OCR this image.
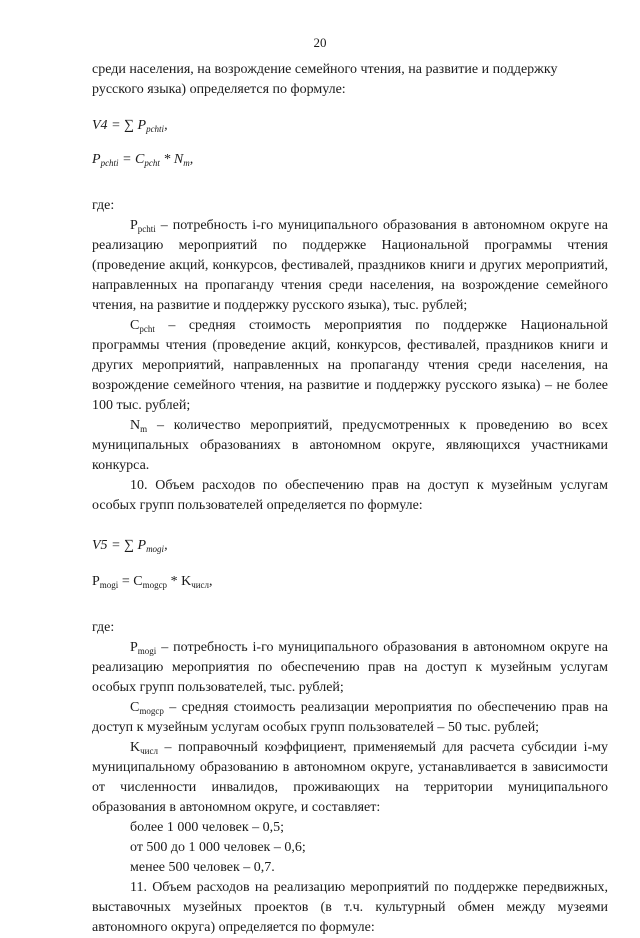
20

среди населения, на возрождение семейного чтения, на развитие и поддержку

русского языка) определяется по формуле:

V4 = ∑ $P_{pchti}$,

$P_{pchti} = C_{pcht} * N_m$,

где:

$P_{pchti}$ – потребность i-го муниципального образования в автономном округе на реализацию мероприятий по поддержке Национальной программы чтения (проведение акций, конкурсов, фестивалей, праздников книги и других мероприятий, направленных на пропаганду чтения среди населения, на возрождение семейного чтения, на развитие и поддержку русского языка), тыс. рублей;

$C_{pcht}$ – средняя стоимость мероприятия по поддержке Национальной программы чтения (проведение акций, конкурсов, фестивалей, праздников книги и других мероприятий, направленных на пропаганду чтения среди населения, на возрождение семейного чтения, на развитие и поддержку русского языка) – не более 100 тыс. рублей;

$N_m$ – количество мероприятий, предусмотренных к проведению во всех муниципальных образованиях в автономном округе, являющихся участниками конкурса.

10. Объем расходов по обеспечению прав на доступ к музейным услугам особых групп пользователей определяется по формуле:

V5 = ∑ $P_{mogi}$,

$P_{mogi} = C_{mogср} * K_{числ}$,

где:

$P_{mogi}$ – потребность i-го муниципального образования в автономном округе на реализацию мероприятия по обеспечению прав на доступ к музейным услугам особых групп пользователей, тыс. рублей;

$C_{mogср}$ – средняя стоимость реализации мероприятия по обеспечению прав на доступ к музейным услугам особых групп пользователей – 50 тыс. рублей;

$K_{числ}$ – поправочный коэффициент, применяемый для расчета субсидии i-му муниципальному образованию в автономном округе, устанавливается в зависимости от численности инвалидов, проживающих на территории муниципального образования в автономном округе, и составляет:

более 1 000 человек – 0,5;

от 500 до 1 000 человек – 0,6;

менее 500 человек – 0,7.

11. Объем расходов на реализацию мероприятий по поддержке передвижных, выставочных музейных проектов (в т.ч. культурный обмен между музеями автономного округа) определяется по формуле:
